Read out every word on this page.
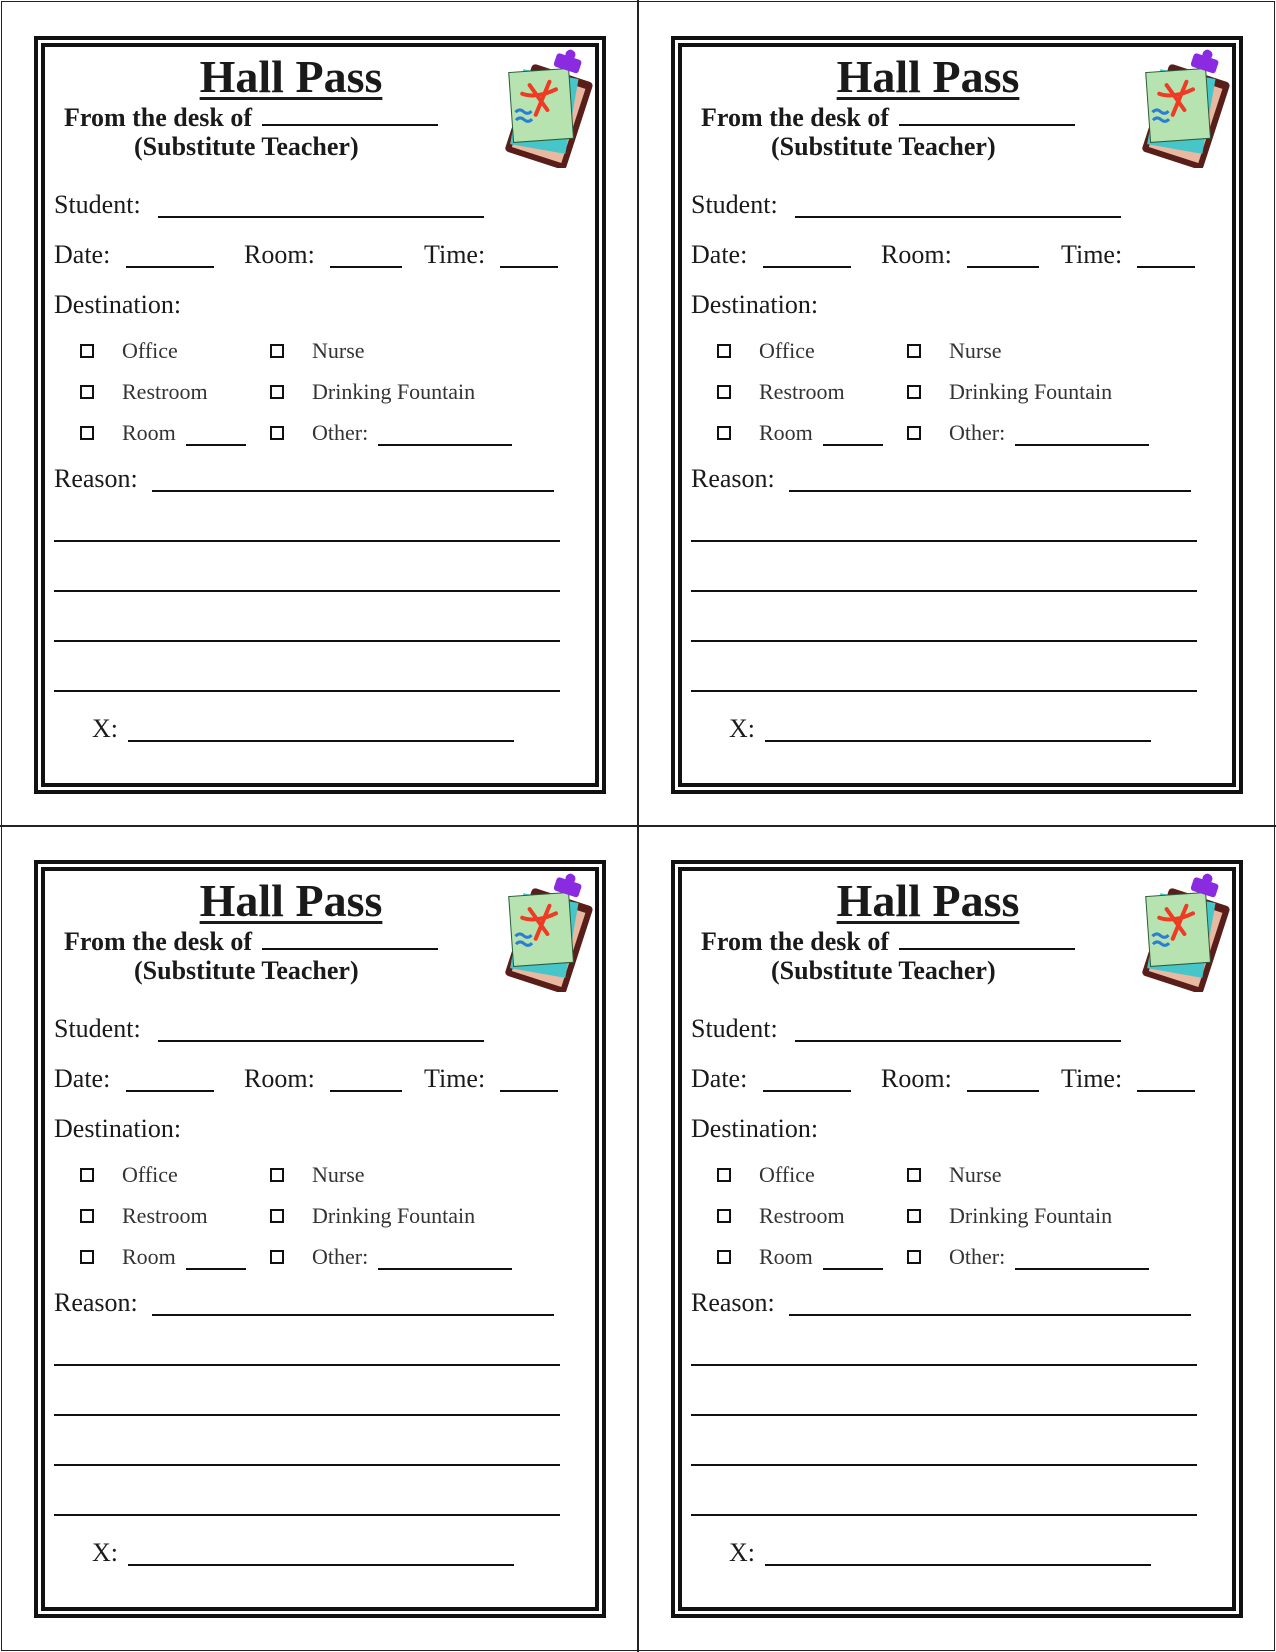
Hall Pass
From the desk of
(Substitute Teacher)
Student:
Date:	Room:	Time:
Destination:
Office	Nurse
Restroom	Drinking Fountain
Room	Other:
Reason:
X:
Hall Pass
From the desk of
(Substitute Teacher)
Student:
Date:	Room:	Time:
Destination:
Office	Nurse
Restroom	Drinking Fountain
Room	Other:
Reason:
X:
Hall Pass
From the desk of
(Substitute Teacher)
Student:
Date:	Room:	Time:
Destination:
Office	Nurse
Restroom	Drinking Fountain
Room	Other:
Reason:
X:
Hall Pass
From the desk of
(Substitute Teacher)
Student:
Date:	Room:	Time:
Destination:
Office	Nurse
Restroom	Drinking Fountain
Room	Other:
Reason:
X:
